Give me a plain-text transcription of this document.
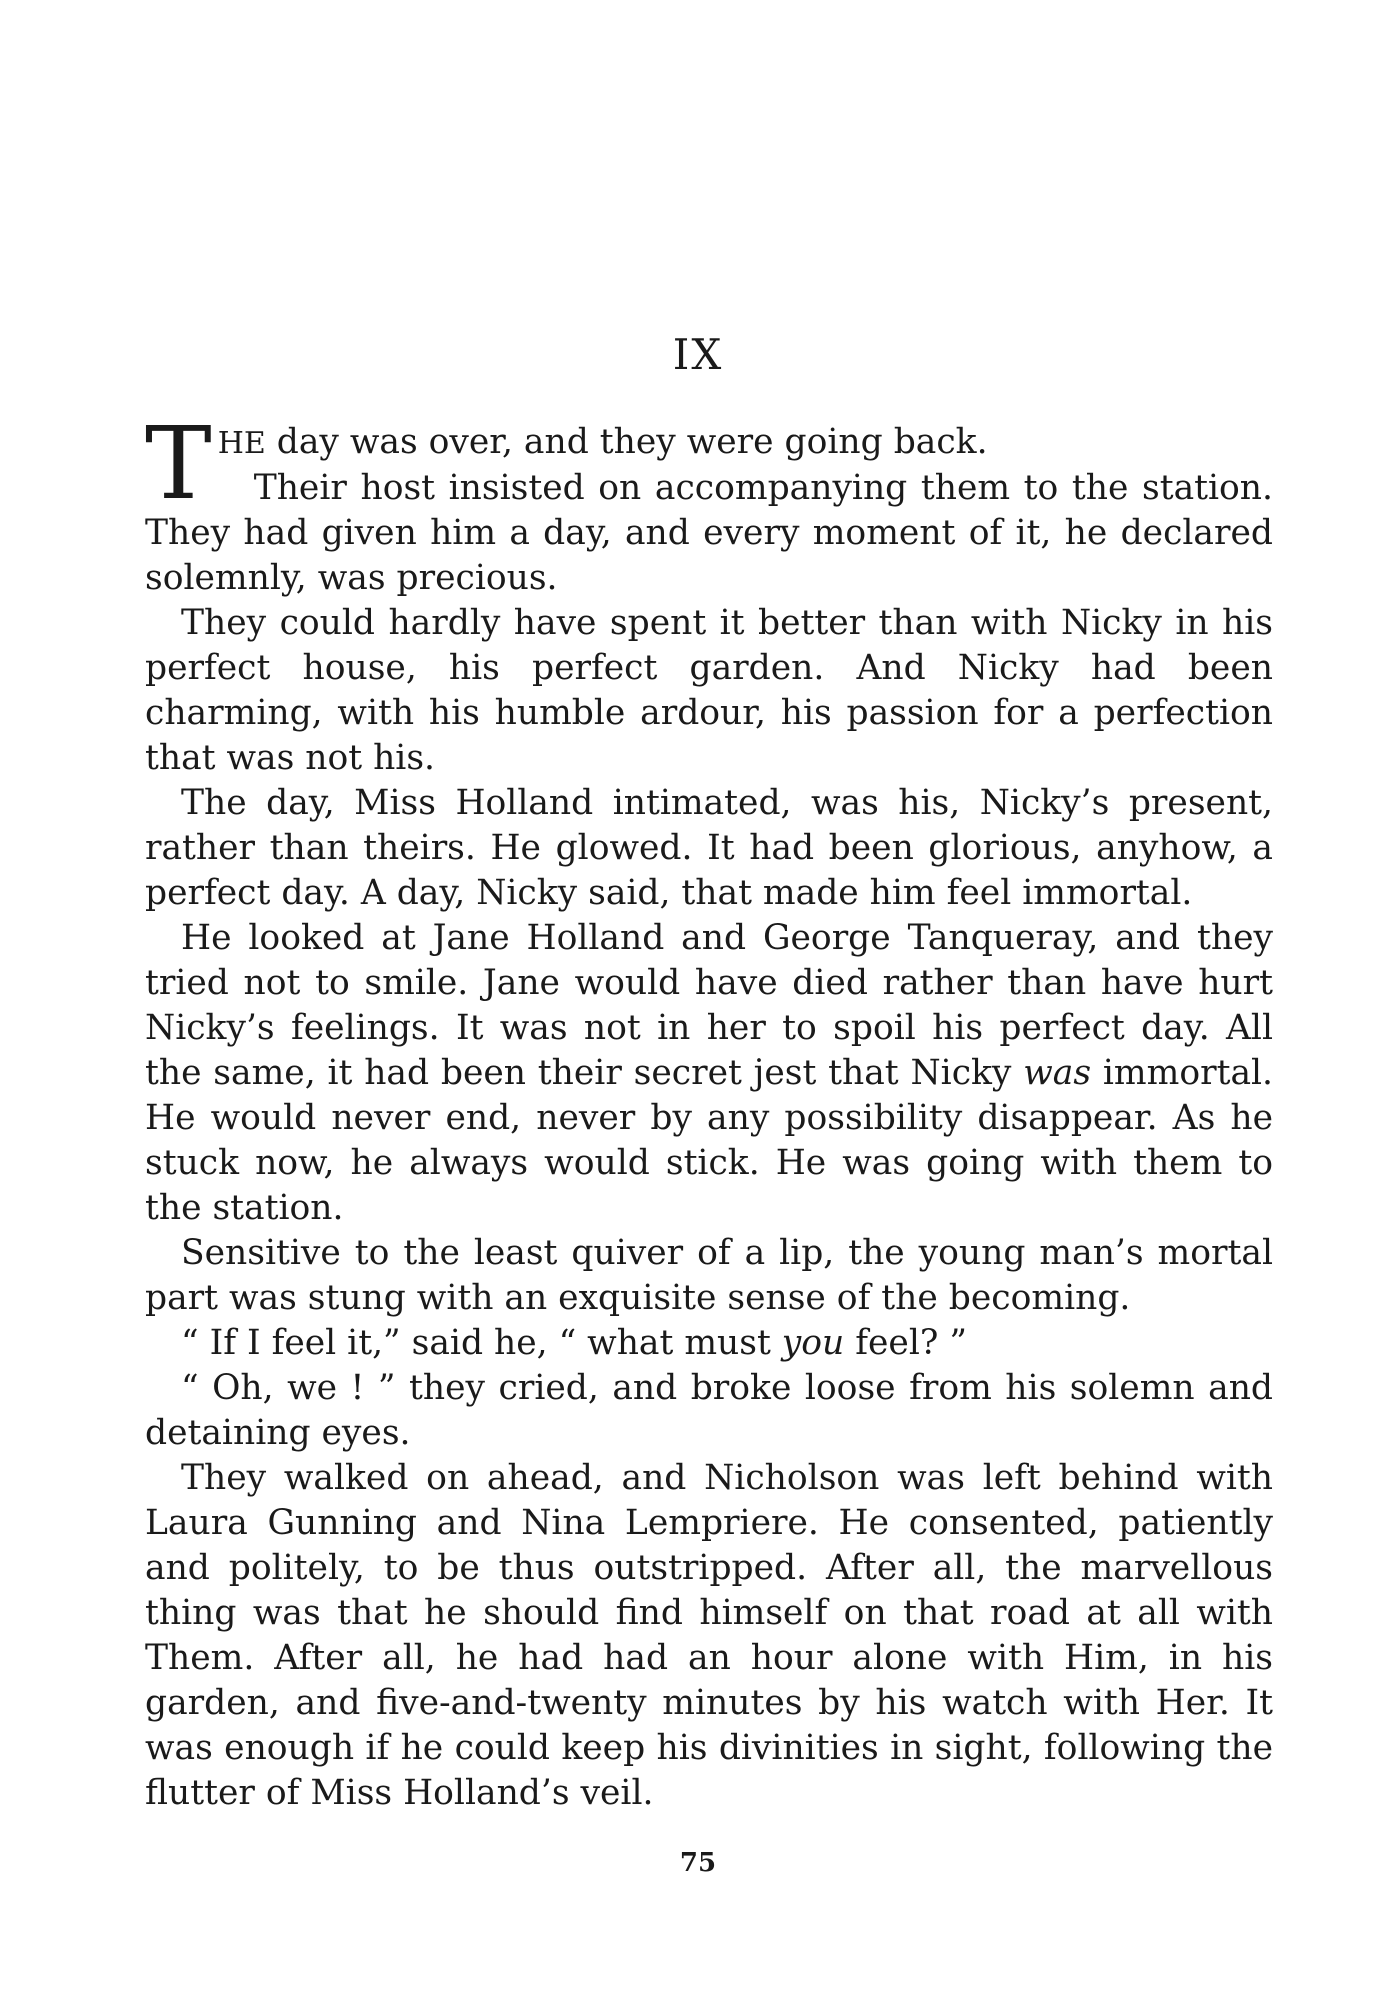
IX

THE day was over, and they were going back.
Their host insisted on accompanying them to the station. They had given him a day, and every moment of it, he declared solemnly, was precious.

They could hardly have spent it better than with Nicky in his perfect house, his perfect garden. And Nicky had been charming, with his humble ardour, his passion for a perfection that was not his.

The day, Miss Holland intimated, was his, Nicky’s present, rather than theirs. He glowed. It had been glorious, anyhow, a perfect day. A day, Nicky said, that made him feel immortal.

He looked at Jane Holland and George Tanqueray, and they tried not to smile. Jane would have died rather than have hurt Nicky’s feelings. It was not in her to spoil his perfect day. All the same, it had been their secret jest that Nicky was immortal. He would never end, never by any possibility disappear. As he stuck now, he always would stick. He was going with them to the station.

Sensitive to the least quiver of a lip, the young man’s mortal part was stung with an exquisite sense of the becoming.

“ If I feel it,” said he, “ what must you feel? ”

“ Oh, we ! ” they cried, and broke loose from his solemn and detaining eyes.

They walked on ahead, and Nicholson was left behind with Laura Gunning and Nina Lempriere. He consented, patiently and politely, to be thus outstripped. After all, the marvellous thing was that he should find himself on that road at all with Them. After all, he had had an hour alone with Him, in his garden, and five-and-twenty minutes by his watch with Her. It was enough if he could keep his divinities in sight, following the flutter of Miss Holland’s veil.

75
